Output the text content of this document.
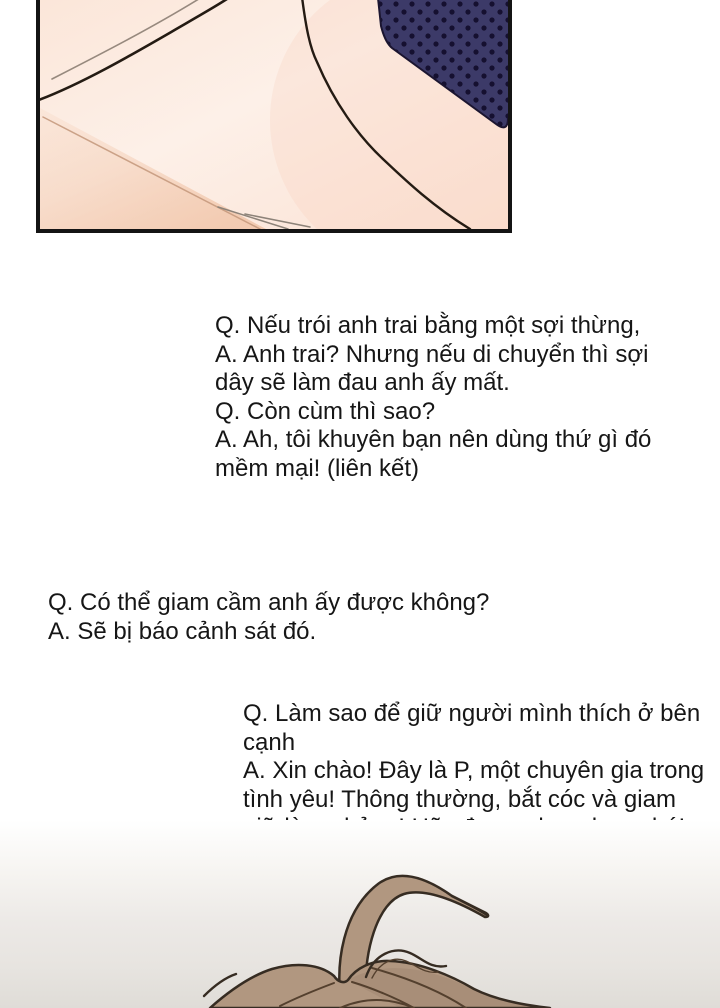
Q. Nếu trói anh trai bằng một sợi thừng,
A. Anh trai? Nhưng nếu di chuyển thì sợi
dây sẽ làm đau anh ấy mất.
Q. Còn cùm thì sao?
A. Ah, tôi khuyên bạn nên dùng thứ gì đó
mềm mại! (liên kết)
Q. Có thể giam cầm anh ấy được không?
A. Sẽ bị báo cảnh sát đó.
Q. Làm sao để giữ người mình thích ở bên
cạnh
A. Xin chào! Đây là P, một chuyên gia trong
tình yêu! Thông thường, bắt cóc và giam
